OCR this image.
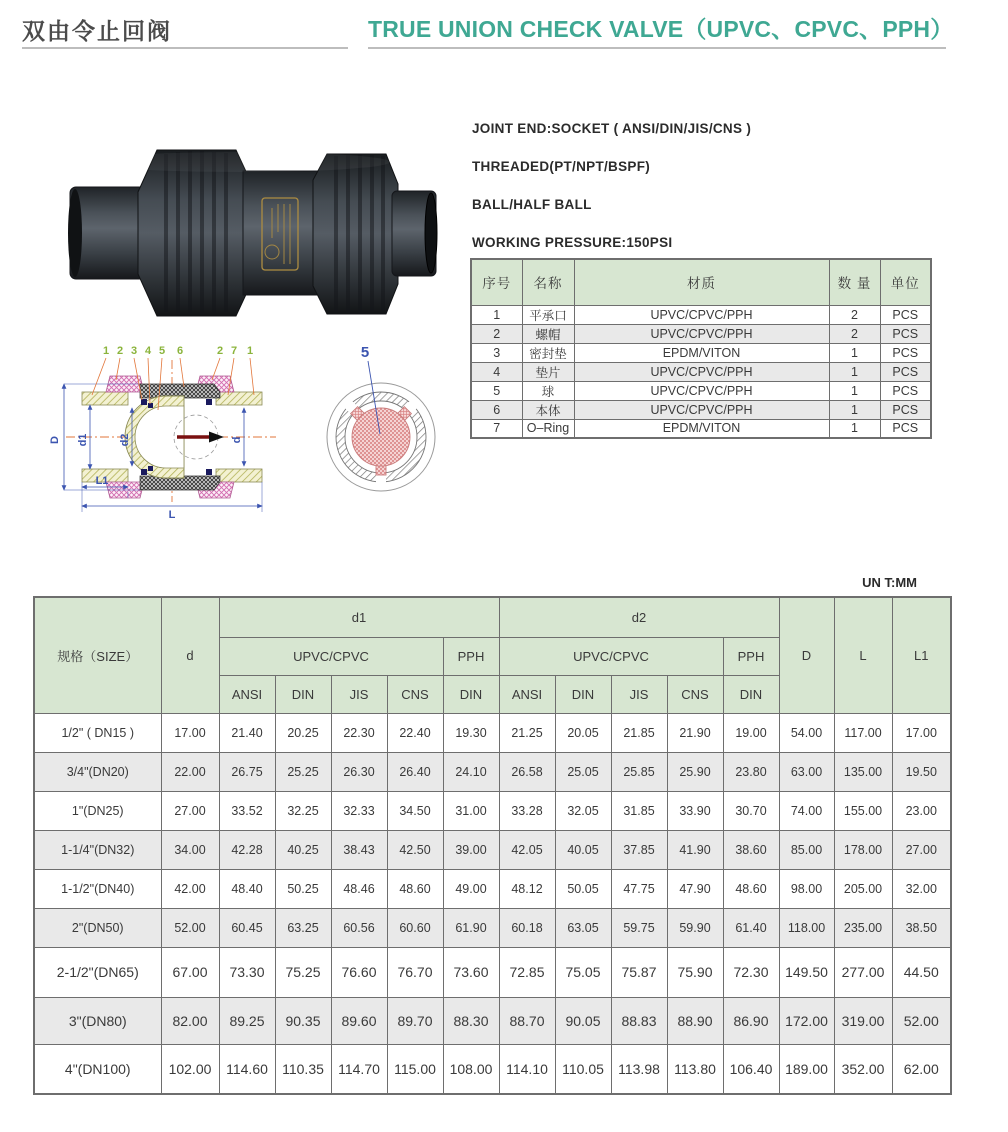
双由令止回阀	TRUE UNION CHECK VALVE（UPVC、CPVC、PPH）
JOINT END:SOCKET ( ANSI/DIN/JIS/CNS )
THREADED(PT/NPT/BSPF)
BALL/HALF BALL
WORKING PRESSURE:150PSI
序号	名称	材质	数 量	单位
1	平承口	UPVC/CPVC/PPH	2	PCS
2	螺帽	UPVC/CPVC/PPH	2	PCS
3	密封垫	EPDM/VITON	1	PCS
4	垫片	UPVC/CPVC/PPH	1	PCS
5	球	UPVC/CPVC/PPH	1	PCS
6	本体	UPVC/CPVC/PPH	1	PCS
7	O–Ring	EPDM/VITON	1	PCS
D d1	d2	d
L1
L
1 2 3 4 5 6	2 7 1	5
UN T:MM
规格（SIZE）	d	d1					d2					D	L	L1
		UPVC/CPVC				PPH	UPVC/CPVC				PPH			
		ANSI	DIN	JIS	CNS	DIN	ANSI	DIN	JIS	CNS	DIN			
1/2" ( DN15 )	17.00	21.40	20.25	22.30	22.40	19.30	21.25	20.05	21.85	21.90	19.00	54.00	117.00	17.00
3/4"(DN20)	22.00	26.75	25.25	26.30	26.40	24.10	26.58	25.05	25.85	25.90	23.80	63.00	135.00	19.50
1"(DN25)	27.00	33.52	32.25	32.33	34.50	31.00	33.28	32.05	31.85	33.90	30.70	74.00	155.00	23.00
1-1/4"(DN32)	34.00	42.28	40.25	38.43	42.50	39.00	42.05	40.05	37.85	41.90	38.60	85.00	178.00	27.00
1-1/2"(DN40)	42.00	48.40	50.25	48.46	48.60	49.00	48.12	50.05	47.75	47.90	48.60	98.00	205.00	32.00
2"(DN50)	52.00	60.45	63.25	60.56	60.60	61.90	60.18	63.05	59.75	59.90	61.40	118.00	235.00	38.50
2-1/2"(DN65)	67.00	73.30	75.25	76.60	76.70	73.60	72.85	75.05	75.87	75.90	72.30	149.50	277.00	44.50
3"(DN80)	82.00	89.25	90.35	89.60	89.70	88.30	88.70	90.05	88.83	88.90	86.90	172.00	319.00	52.00
4"(DN100)	102.00	114.60	110.35	114.70	115.00	108.00	114.10	110.05	113.98	113.80	106.40	189.00	352.00	62.00
